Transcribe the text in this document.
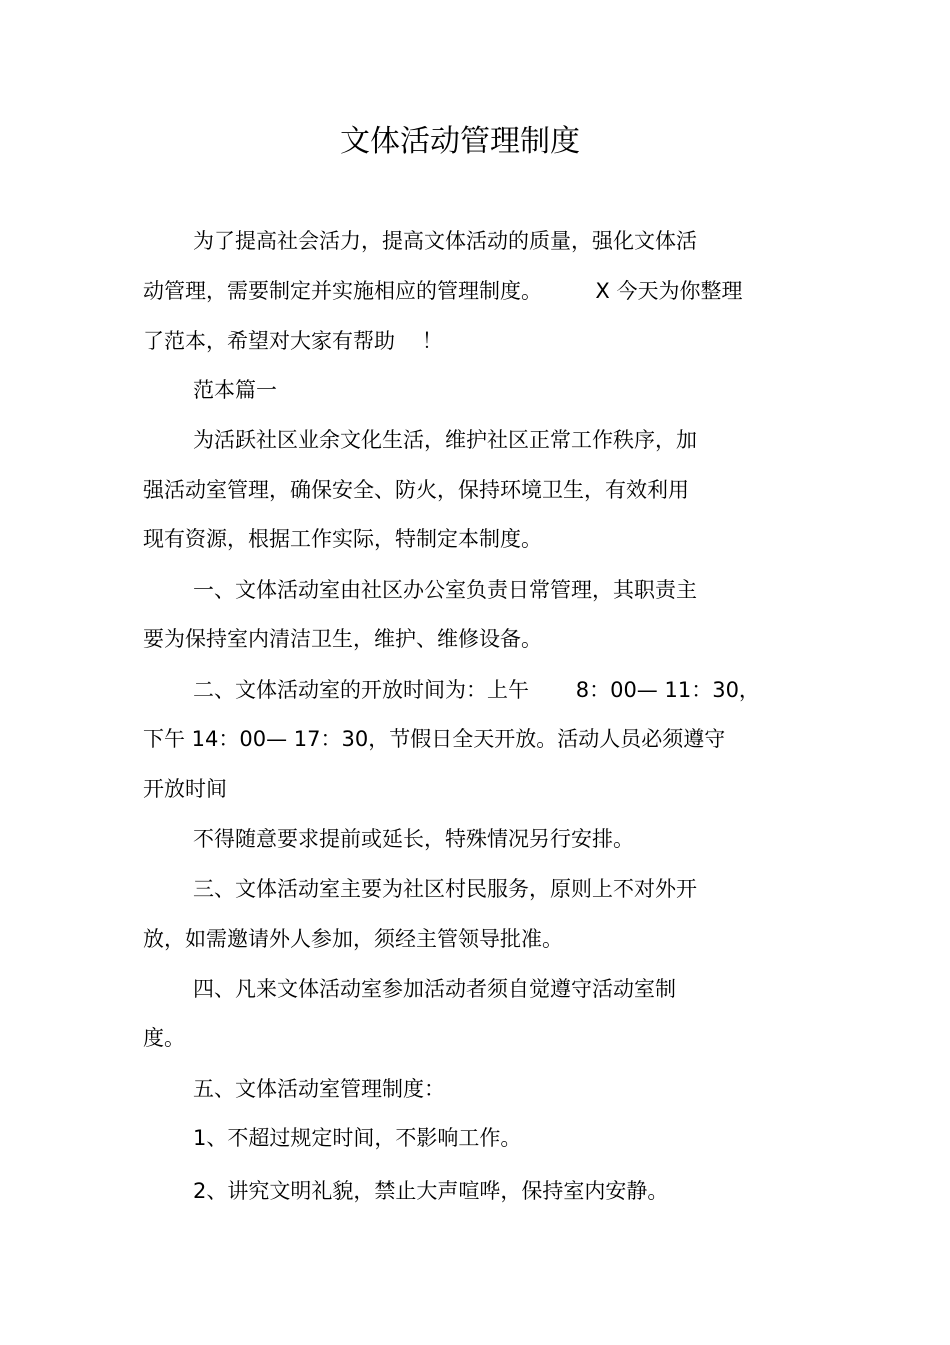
文体活动管理制度
为了提高社会活力，提高文体活动的质量，强化文体活
动管理，需要制定并实施相应的管理制度。        X 今天为你整理
了范本，希望对大家有帮助    ！
范本篇一
为活跃社区业余文化生活，维护社区正常工作秩序，加
强活动室管理，确保安全、防火，保持环境卫生，有效利用
现有资源，根据工作实际，特制定本制度。
一、文体活动室由社区办公室负责日常管理，其职责主
要为保持室内清洁卫生，维护、维修设备。
二、文体活动室的开放时间为：上午       8：00— 11：30，
下午 14：00— 17：30，节假日全天开放。活动人员必须遵守
开放时间
不得随意要求提前或延长，特殊情况另行安排。
三、文体活动室主要为社区村民服务，原则上不对外开
放，如需邀请外人参加，须经主管领导批准。
四、凡来文体活动室参加活动者须自觉遵守活动室制
度。
五、文体活动室管理制度：
1、不超过规定时间，不影响工作。
2、讲究文明礼貌，禁止大声喧哗，保持室内安静。
